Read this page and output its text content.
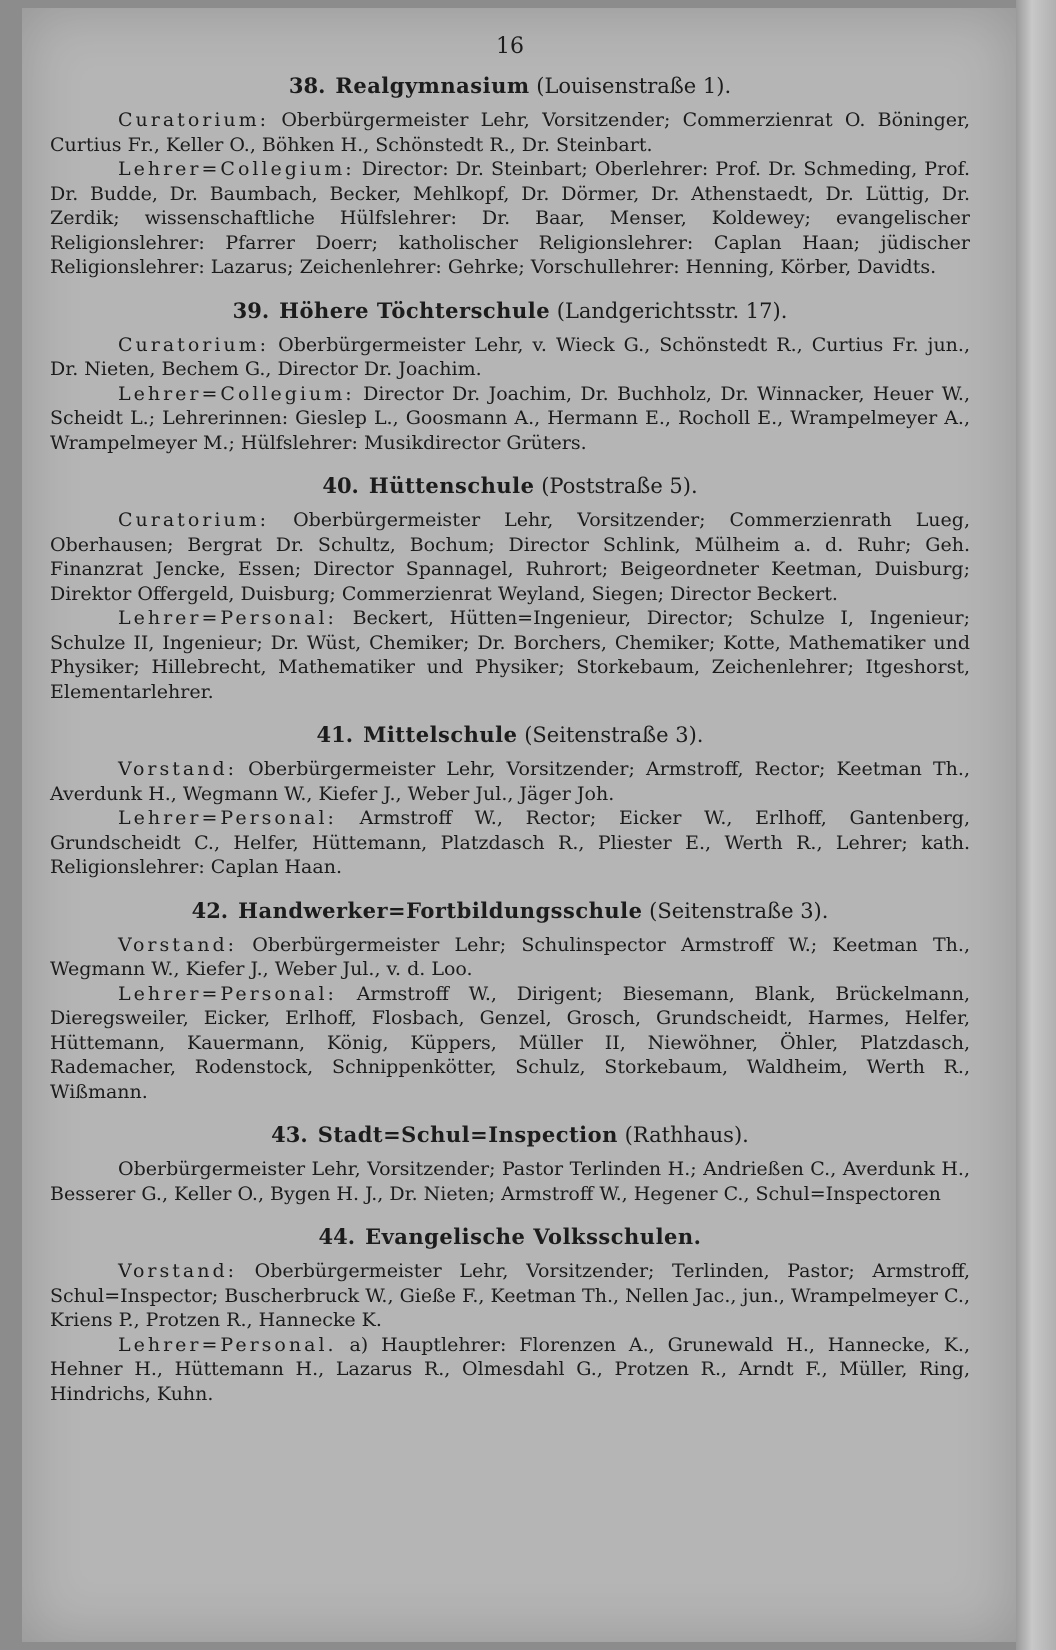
16
38. Realgymnasium (Louisenstraße 1).

Curatorium: Oberbürgermeister Lehr, Vorsitzender; Commerzienrat O. Böninger, Curtius Fr., Keller O., Böhken H., Schönstedt R., Dr. Steinbart.

Lehrer=Collegium: Director: Dr. Steinbart; Oberlehrer: Prof. Dr. Schmeding, Prof. Dr. Budde, Dr. Baumbach, Becker, Mehlkopf, Dr. Dörmer, Dr. Athenstaedt, Dr. Lüttig, Dr. Zerdik; wissenschaftliche Hülfslehrer: Dr. Baar, Menser, Koldewey; evangelischer Religionslehrer: Pfarrer Doerr; katholischer Religionslehrer: Caplan Haan; jüdischer Religionslehrer: Lazarus; Zeichenlehrer: Gehrke; Vorschullehrer: Henning, Körber, Davidts.

39. Höhere Töchterschule (Landgerichtsstr. 17).

Curatorium: Oberbürgermeister Lehr, v. Wieck G., Schönstedt R., Curtius Fr. jun., Dr. Nieten, Bechem G., Director Dr. Joachim.

Lehrer=Collegium: Director Dr. Joachim, Dr. Buchholz, Dr. Winnacker, Heuer W., Scheidt L.; Lehrerinnen: Gieslер L., Goosmann A., Hermann E., Rocholl E., Wrampelmeyer A., Wrampelmeyer M.; Hülfslehrer: Musikdirector Grüters.

40. Hüttenschule (Poststraße 5).

Curatorium: Oberbürgermeister Lehr, Vorsitzender; Commerzienrath Lueg, Oberhausen; Bergrat Dr. Schultz, Bochum; Director Schlink, Mülheim a. d. Ruhr; Geh. Finanzrat Jencke, Essen; Director Spannagel, Ruhrort; Beigeordneter Keetman, Duisburg; Direktor Offergeld, Duisburg; Commerzienrat Weyland, Siegen; Director Beckert.

Lehrer=Personal: Beckert, Hütten=Ingenieur, Director; Schulze I, Ingenieur; Schulze II, Ingenieur; Dr. Wüst, Chemiker; Dr. Borchers, Chemiker; Kotte, Mathematiker und Physiker; Hillebrecht, Mathematiker und Physiker; Storkebaum, Zeichenlehrer; Itgeshorst, Elementarlehrer.

41. Mittelschule (Seitenstraße 3).

Vorstand: Oberbürgermeister Lehr, Vorsitzender; Armstroff, Rector; Keetman Th., Averdunk H., Wegmann W., Kiefer J., Weber Jul., Jäger Joh.

Lehrer=Personal: Armstroff W., Rector; Eicker W., Erlhoff, Gantenberg, Grundscheidt C., Helfer, Hüttemann, Platzdasch R., Pliester E., Werth R., Lehrer; kath. Religionslehrer: Caplan Haan.

42. Handwerker=Fortbildungsschule (Seitenstraße 3).

Vorstand: Oberbürgermeister Lehr; Schulinspector Armstroff W.; Keetman Th., Wegmann W., Kiefer J., Weber Jul., v. d. Loo.

Lehrer=Personal: Armstroff W., Dirigent; Biesemann, Blank, Brückelmann, Dieregsweiler, Eicker, Erlhoff, Flosbach, Genzel, Grosch, Grundscheidt, Harmes, Helfer, Hüttemann, Kauermann, König, Küppers, Müller II, Niewöhner, Öhler, Platzdasch, Rademacher, Rodenstock, Schnippenkötter, Schulz, Storkebaum, Waldheim, Werth R., Wißmann.

43. Stadt=Schul=Inspection (Rathhaus).

Oberbürgermeister Lehr, Vorsitzender; Pastor Terlinden H.; Andrießen C., Averdunk H., Besserer G., Keller O., Bygen H. J., Dr. Nieten; Armstroff W., Hegener C., Schul=Inspectoren

44. Evangelische Volksschulen.

Vorstand: Oberbürgermeister Lehr, Vorsitzender; Terlinden, Pastor; Armstroff, Schul=Inspector; Buscherbruck W., Gieße F., Keetman Th., Nellen Jac., jun., Wrampelmeyer C., Kriens P., Protzen R., Hannecke K.

Lehrer=Personal. a) Hauptlehrer: Florenzen A., Grunewald H., Hannecke, K., Hehner H., Hüttemann H., Lazarus R., Olmesdahl G., Protzen R., Arndt F., Müller, Ring, Hindrichs, Kuhn.
